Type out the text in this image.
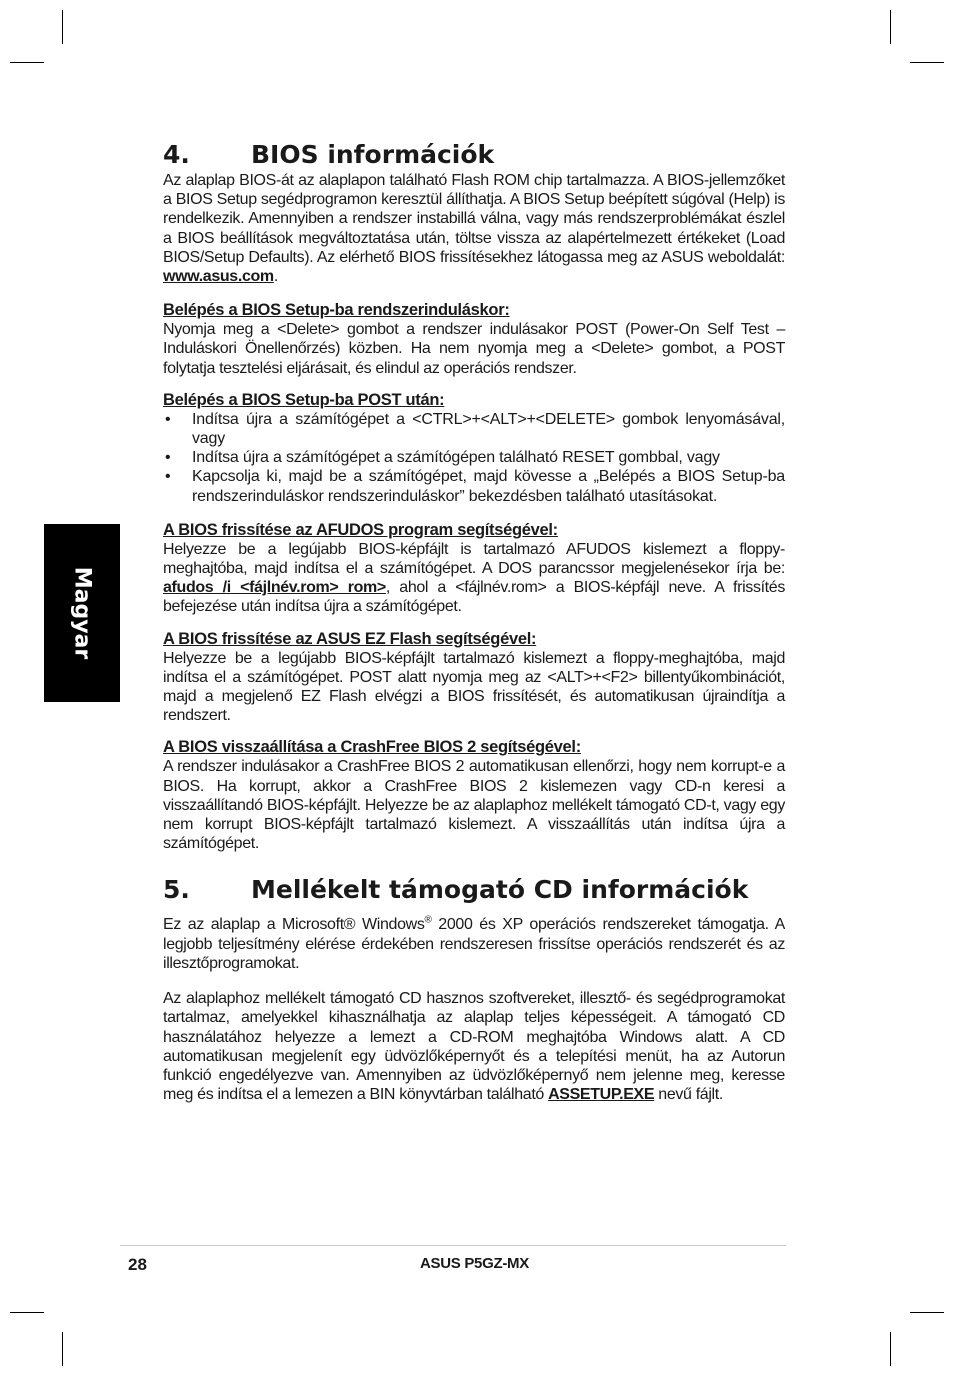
Magyar
4.	BIOS információk

Az alaplap BIOS-át az alaplapon található Flash ROM chip tartalmazza. A BIOS-jellemzőket a BIOS Setup segédprogramon keresztül állíthatja. A BIOS Setup beépített súgóval (Help) is rendelkezik. Amennyiben a rendszer instabillá válna, vagy más rendszerproblémákat észlel a BIOS beállítások megváltoztatása után, töltse vissza az alapértelmezett értékeket (Load BIOS/Setup Defaults). Az elérhető BIOS frissítésekhez látogassa meg az ASUS weboldalát: www.asus.com.

Belépés a BIOS Setup-ba rendszerinduláskor:

Nyomja meg a <Delete> gombot a rendszer indulásakor POST (Power-On Self Test – Induláskori Önellenőrzés) közben. Ha nem nyomja meg a <Delete> gombot, a POST folytatja tesztelési eljárásait, és elindul az operációs rendszer.

Belépés a BIOS Setup-ba POST után:
• Indítsa újra a számítógépet a <CTRL>+<ALT>+<DELETE> gombok lenyomásával, vagy
• Indítsa újra a számítógépet a számítógépen található RESET gombbal, vagy
• Kapcsolja ki, majd be a számítógépet, majd kövesse a „Belépés a BIOS Setup-ba rendszerinduláskor rendszerinduláskor” bekezdésben található utasításokat.
A BIOS frissítése az AFUDOS program segítségével:

Helyezze be a legújabb BIOS-képfájlt is tartalmazó AFUDOS kislemezt a floppy-meghajtóba, majd indítsa el a számítógépet. A DOS parancssor megjelenésekor írja be: afudos /i <fájlnév.rom> rom>, ahol a <fájlnév.rom> a BIOS-képfájl neve. A frissítés befejezése után indítsa újra a számítógépet.

A BIOS frissítése az ASUS EZ Flash segítségével:

Helyezze be a legújabb BIOS-képfájlt tartalmazó kislemezt a floppy-meghajtóba, majd indítsa el a számítógépet. POST alatt nyomja meg az <ALT>+<F2> billentyűkombinációt, majd a megjelenő EZ Flash elvégzi a BIOS frissítését, és automatikusan újraindítja a rendszert.

A BIOS visszaállítása a CrashFree BIOS 2 segítségével:

A rendszer indulásakor a CrashFree BIOS 2 automatikusan ellenőrzi, hogy nem korrupt-e a BIOS. Ha korrupt, akkor a CrashFree BIOS 2 kislemezen vagy CD-n keresi a visszaállítandó BIOS-képfájlt. Helyezze be az alaplaphoz mellékelt támogató CD-t, vagy egy nem korrupt BIOS-képfájlt tartalmazó kislemezt. A visszaállítás után indítsa újra a számítógépet.

5.	Mellékelt támogató CD információk

Ez az alaplap a Microsoft® Windows® 2000 és XP operációs rendszereket támogatja. A legjobb teljesítmény elérése érdekében rendszeresen frissítse operációs rendszerét és az illesztőprogramokat.

Az alaplaphoz mellékelt támogató CD hasznos szoftvereket, illesztő- és segédprogramokat tartalmaz, amelyekkel kihasználhatja az alaplap teljes képességeit. A támogató CD használatához helyezze a lemezt a CD-ROM meghajtóba Windows alatt. A CD automatikusan megjelenít egy üdvözlőképernyőt és a telepítési menüt, ha az Autorun funkció engedélyezve van. Amennyiben az üdvözlőképernyő nem jelenne meg, keresse meg és indítsa el a lemezen a BIN könyvtárban található ASSETUP.EXE nevű fájlt.

28	ASUS P5GZ-MX
